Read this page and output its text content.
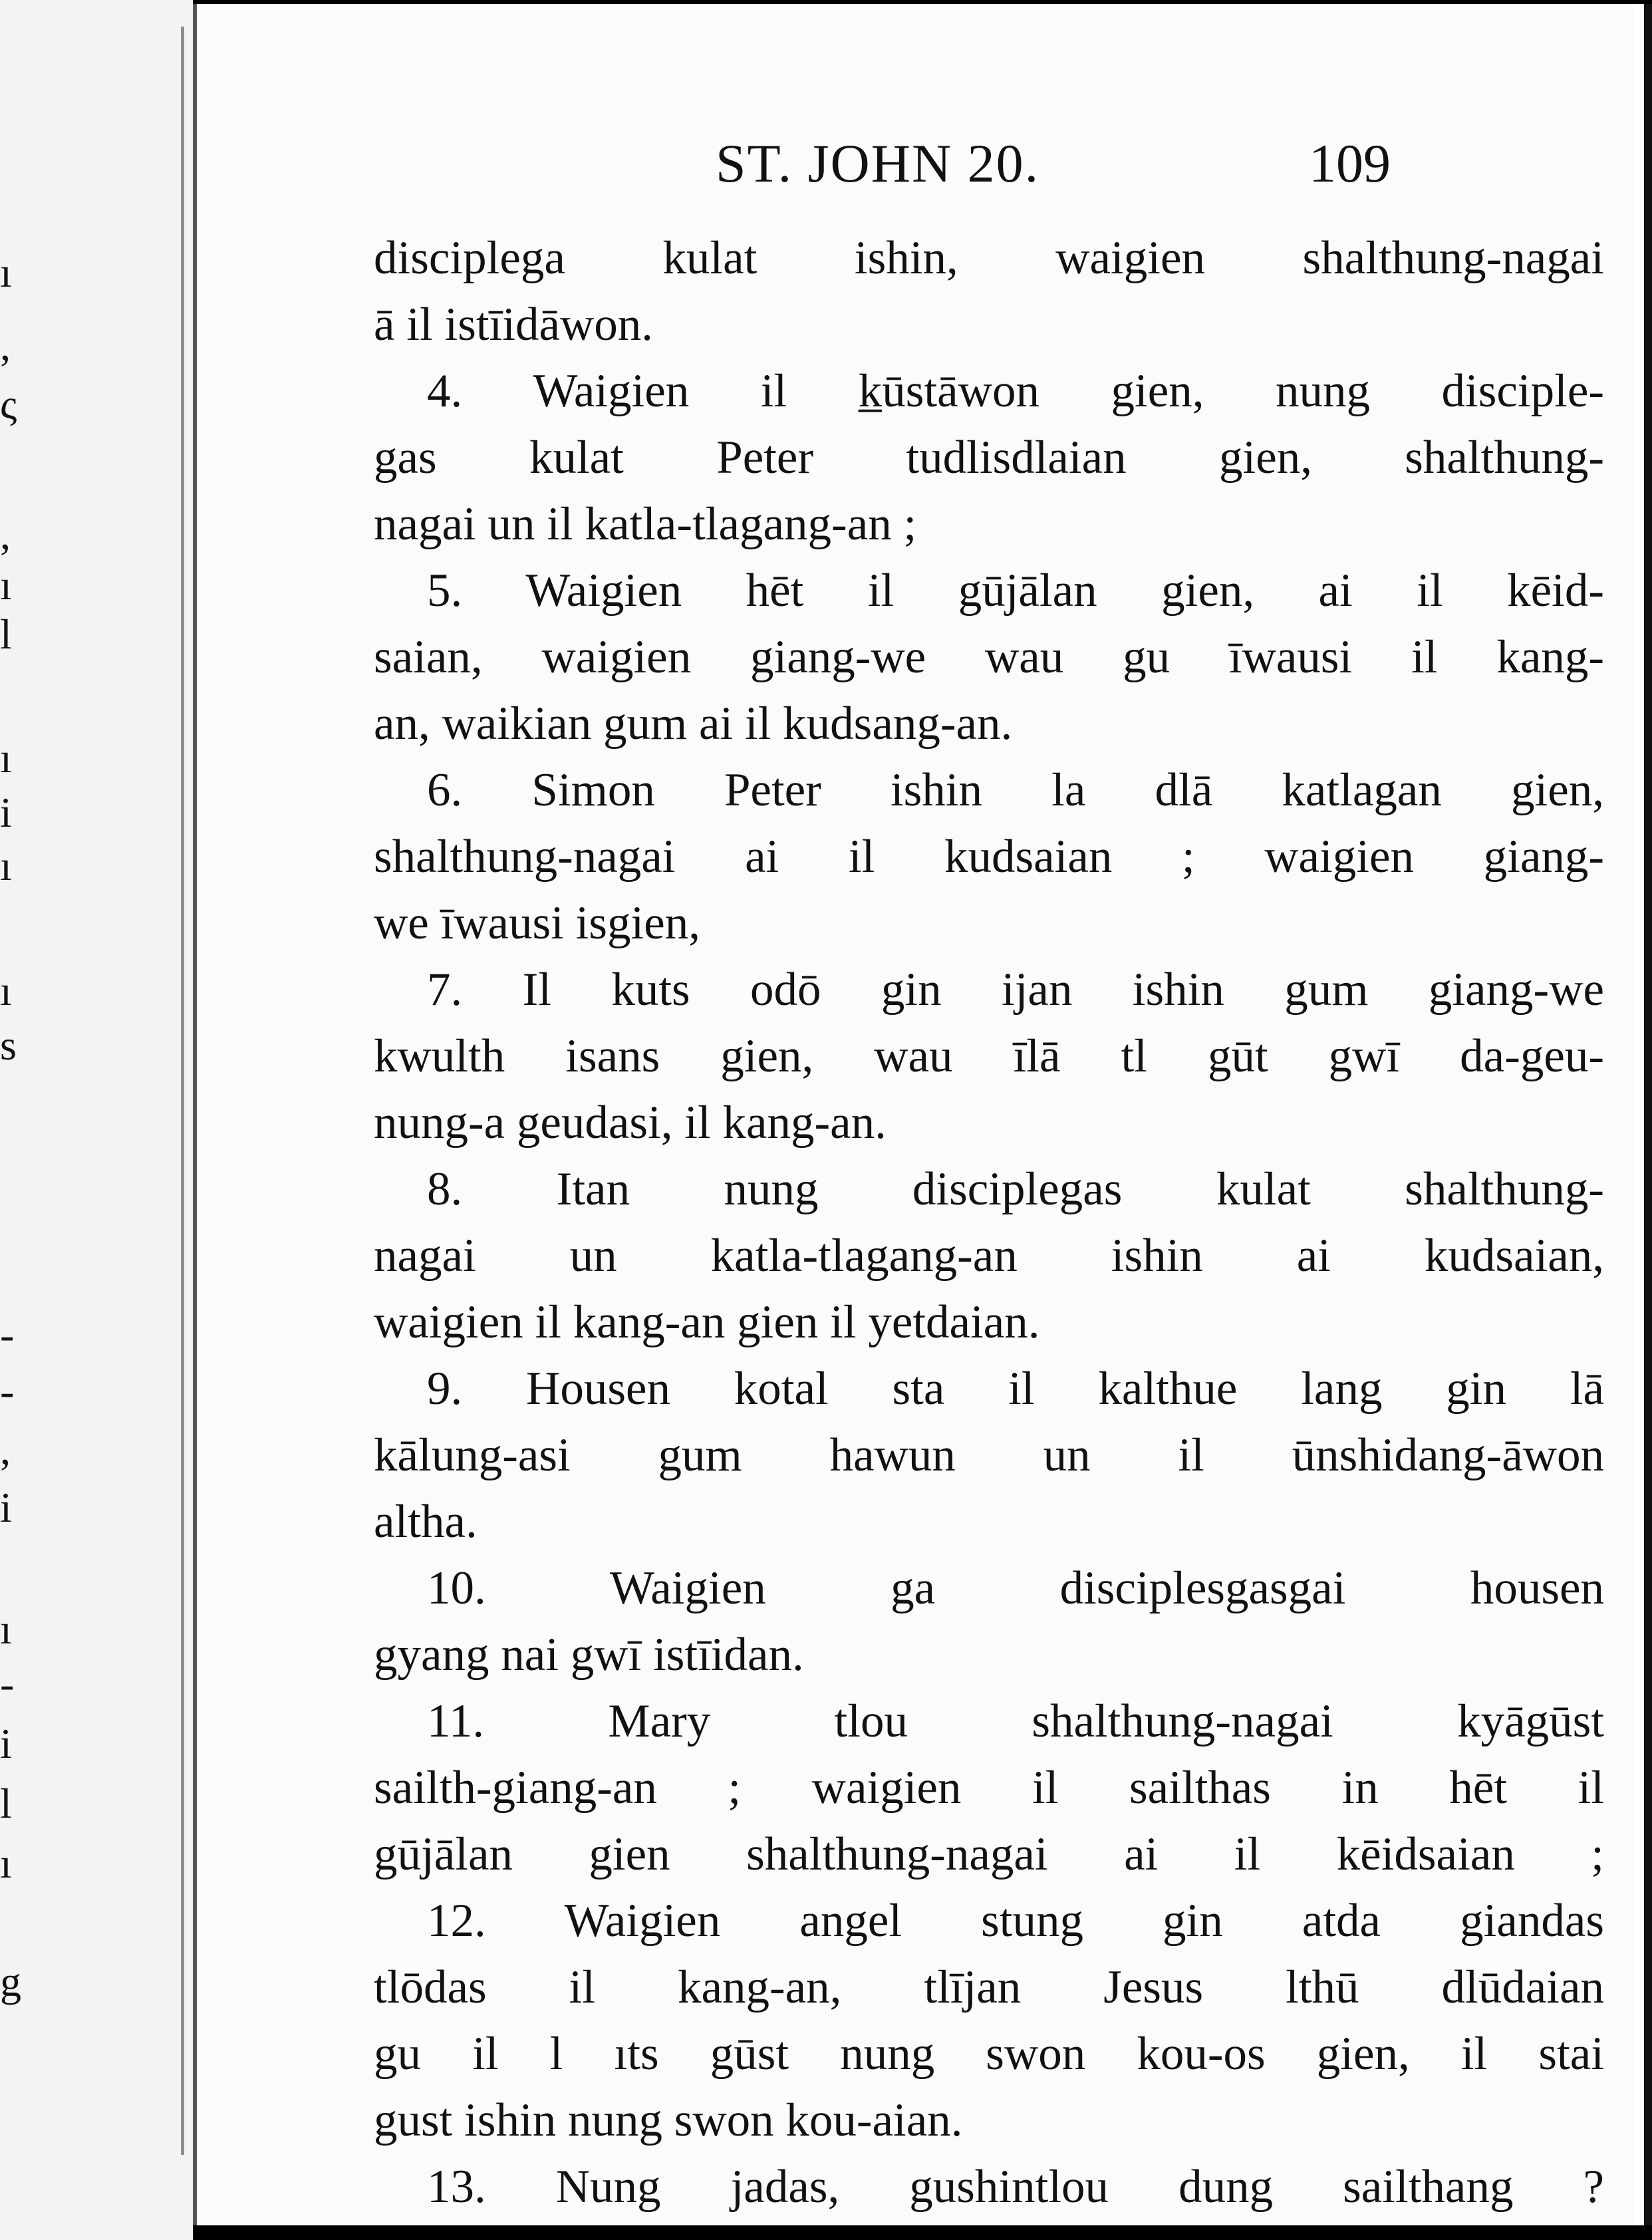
ı
,
ς
,
ı
l
ı
i
ı
ı
s
-
-
,
i
ı
-
i
l
ı
g
ST. JOHN 20.	109
disciplega kulat ishin, waigien shalthung-nagai
ā il istīidāwon.
4. Waigien il k̲ūstāwon gien, nung disciple-
gas kulat Peter tudlisdlaian gien, shalthung-
nagai un il katla-tlagang-an ;
5. Waigien hēt il gūjālan gien, ai il kēid-
saian, waigien giang-we wau gu īwausi il kang-
an, waikian gum ai il kudsang-an.
6. Simon Peter ishin la dlā katlagan gien,
shalthung-nagai ai il kudsaian ; waigien giang-
we īwausi isgien,
7. Il kuts odō gin ijan ishin gum giang-we
kwulth isans gien, wau īlā tl gūt gwī da-geu-
nung-a geudasi, il kang-an.
8. Itan nung disciplegas kulat shalthung-
nagai un katla-tlagang-an ishin ai kudsaian,
waigien il kang-an gien il yetdaian.
9. Housen kotal sta il kalthue lang gin lā
kālung-asi gum hawun un il ūnshidang-āwon
altha.
10. Waigien ga disciplesgasgai housen
gyang nai gwī istīidan.
11. Mary tlou shalthung-nagai kyāgūst
sailth-giang-an ; waigien il sailthas in hēt il
gūjālan gien shalthung-nagai ai il kēidsaian ;
12. Waigien angel stung gin atda giandas
tlōdas il kang-an, tlījan Jesus lthū dlūdaian
gu il l ıts gūst nung swon kou-os gien, il stai
gust ishin nung swon kou-aian.
13. Nung jadas, gushintlou dung sailthang ?
